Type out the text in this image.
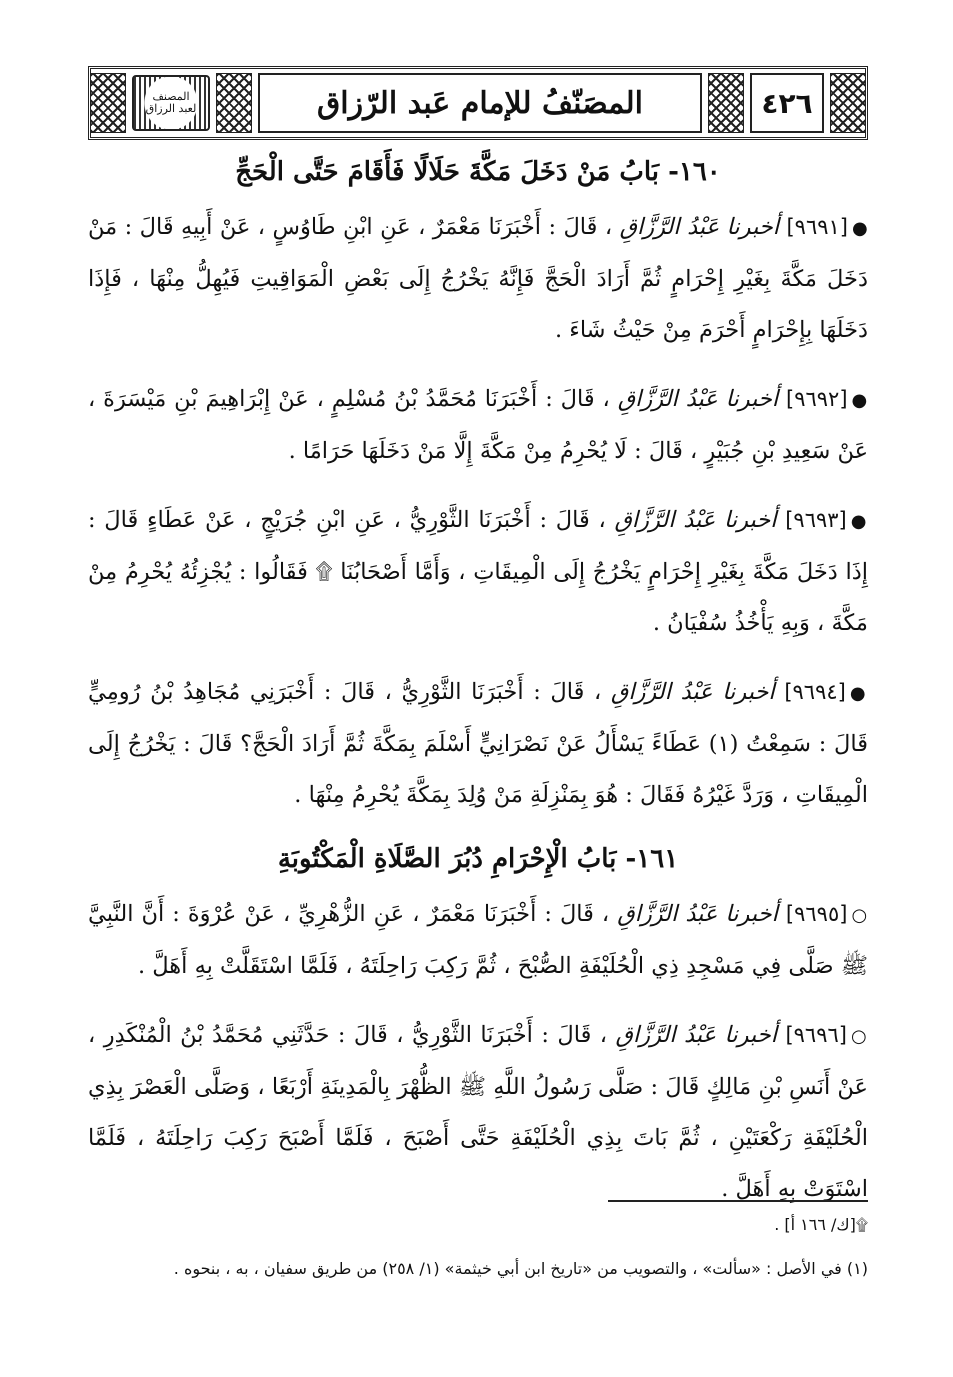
المصنف
لعبد الرزاق	المصَنّفُ للإمام عَبد الرّزاق	٤٢٦
١٦٠- بَابُ مَنْ دَخَلَ مَكَّةَ حَلَالًا فَأَقَامَ حَتَّى الْحَجِّ

●[٩٦٩١] أخبرنا عَبْدُ الرَّزَّاقِ ، قَالَ : أَخْبَرَنَا مَعْمَرٌ ، عَنِ ابْنِ طَاوُسٍ ، عَنْ أَبِيهِ قَالَ : مَنْ دَخَلَ مَكَّةَ بِغَيْرِ إِحْرَامٍ ثُمَّ أَرَادَ الْحَجَّ فَإِنَّهُ يَخْرُجُ إِلَى بَعْضِ الْمَوَاقِيتِ فَيُهِلُّ مِنْهَا ، فَإِذَا دَخَلَهَا بِإِحْرَامٍ أَحْرَمَ مِنْ حَيْثُ شَاءَ .

●[٩٦٩٢] أخبرنا عَبْدُ الرَّزَّاقِ ، قَالَ : أَخْبَرَنَا مُحَمَّدُ بْنُ مُسْلِمٍ ، عَنْ إِبْرَاهِيمَ بْنِ مَيْسَرَةَ ، عَنْ سَعِيدِ بْنِ جُبَيْرٍ ، قَالَ : لَا يُحْرِمُ مِنْ مَكَّةَ إِلَّا مَنْ دَخَلَهَا حَرَامًا .

●[٩٦٩٣] أخبرنا عَبْدُ الرَّزَّاقِ ، قَالَ : أَخْبَرَنَا الثَّوْرِيُّ ، عَنِ ابْنِ جُرَيْجٍ ، عَنْ عَطَاءٍ قَالَ : إِذَا دَخَلَ مَكَّةَ بِغَيْرِ إِحْرَامٍ يَخْرُجُ إِلَى الْمِيقَاتِ ، وَأَمَّا أَصْحَابُنَا ۩ فَقَالُوا : يُجْزِئُهُ يُحْرِمُ مِنْ مَكَّةَ ، وَبِهِ يَأْخُذُ سُفْيَانُ .

●[٩٦٩٤] أخبرنا عَبْدُ الرَّزَّاقِ ، قَالَ : أَخْبَرَنَا الثَّوْرِيُّ ، قَالَ : أَخْبَرَنِي مُجَاهِدُ بْنُ رُومِيٍّ قَالَ : سَمِعْتُ (١) عَطَاءً يَسْأَلُ عَنْ نَصْرَانِيٍّ أَسْلَمَ بِمَكَّةَ ثُمَّ أَرَادَ الْحَجَّ؟ قَالَ : يَخْرُجُ إِلَى الْمِيقَاتِ ، وَرَدَّ غَيْرُهُ فَقَالَ : هُوَ بِمَنْزِلَةِ مَنْ وُلِدَ بِمَكَّةَ يُحْرِمُ مِنْهَا .

١٦١- بَابُ الْإِحْرَامِ دُبُرَ الصَّلَاةِ الْمَكْتُوبَةِ

○[٩٦٩٥] أخبرنا عَبْدُ الرَّزَّاقِ ، قَالَ : أَخْبَرَنَا مَعْمَرٌ ، عَنِ الزُّهْرِيِّ ، عَنْ عُرْوَةَ : أَنَّ النَّبِيَّ ﷺ صَلَّى فِي مَسْجِدِ ذِي الْحُلَيْفَةِ الصُّبْحَ ، ثُمَّ رَكِبَ رَاحِلَتَهُ ، فَلَمَّا اسْتَقَلَّتْ بِهِ أَهَلَّ .

○[٩٦٩٦] أخبرنا عَبْدُ الرَّزَّاقِ ، قَالَ : أَخْبَرَنَا الثَّوْرِيُّ ، قَالَ : حَدَّثَنِي مُحَمَّدُ بْنُ الْمُنْكَدِرِ ، عَنْ أَنَسِ بْنِ مَالِكٍ قَالَ : صَلَّى رَسُولُ اللَّهِ ﷺ الظُّهْرَ بِالْمَدِينَةِ أَرْبَعًا ، وَصَلَّى الْعَصْرَ بِذِي الْحُلَيْفَةِ رَكْعَتَيْنِ ، ثُمَّ بَاتَ بِذِي الْحُلَيْفَةِ حَتَّى أَصْبَحَ ، فَلَمَّا أَصْبَحَ رَكِبَ رَاحِلَتَهُ ، فَلَمَّا اسْتَوَتْ بِهِ أَهَلَّ .

۩[ك/ ١٦٦ أ] .
(١) في الأصل : «سألت» ، والتصويب من «تاريخ ابن أبي خيثمة» (١/ ٢٥٨) من طريق سفيان ، به ، بنحوه .
